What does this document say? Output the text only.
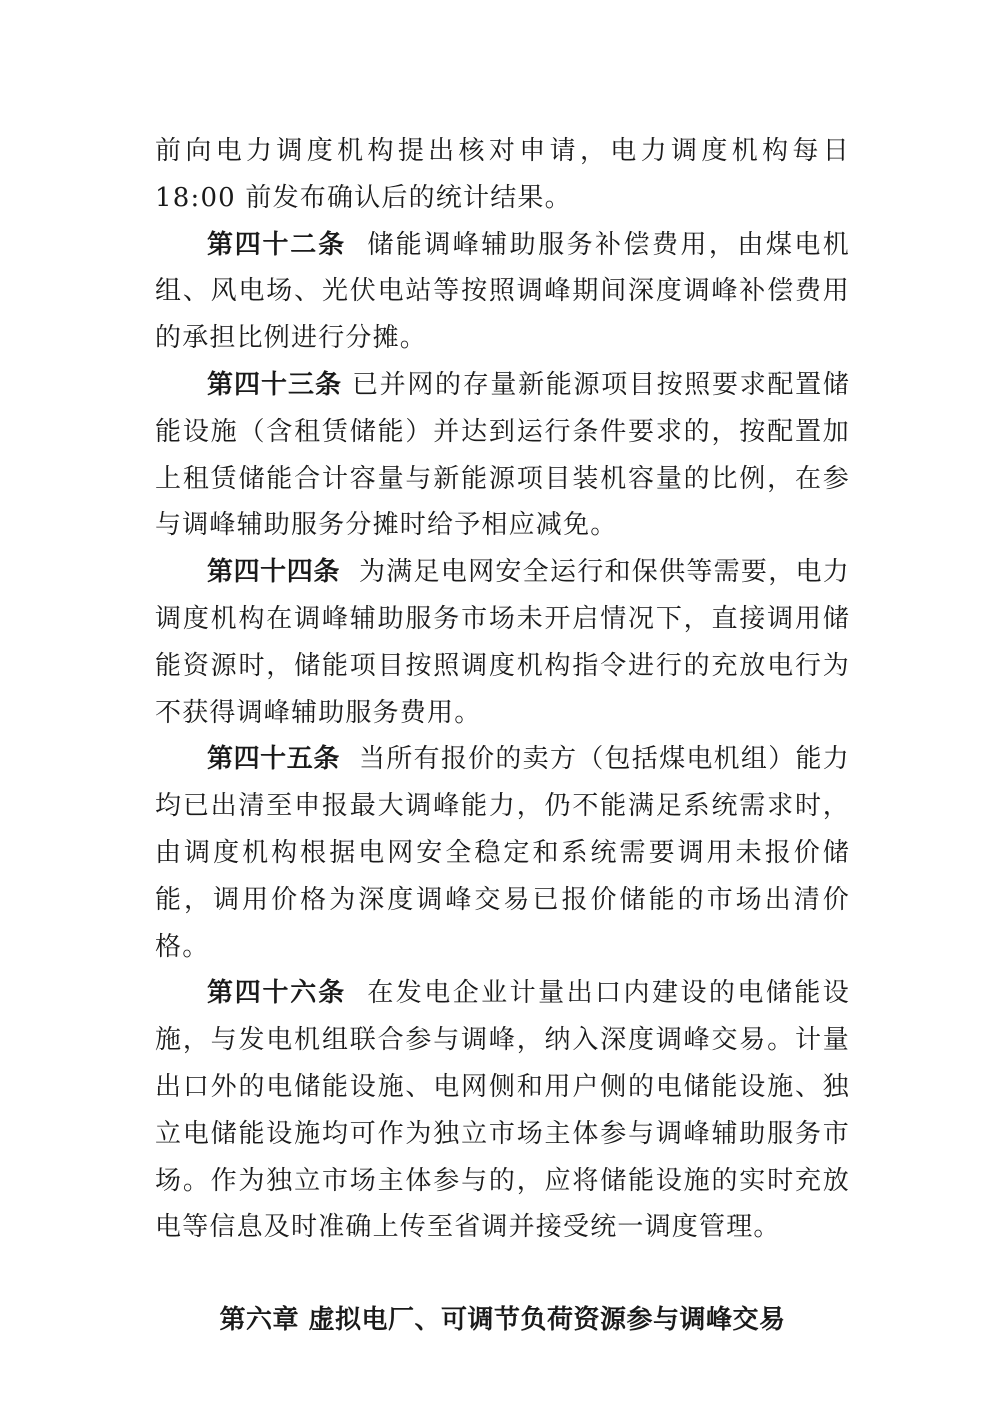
前向电力调度机构提出核对申请，电力调度机构每日 18:00 前发布确认后的统计结果。

第四十二条 储能调峰辅助服务补偿费用，由煤电机组、风电场、光伏电站等按照调峰期间深度调峰补偿费用的承担比例进行分摊。

第四十三条 已并网的存量新能源项目按照要求配置储能设施（含租赁储能）并达到运行条件要求的，按配置加上租赁储能合计容量与新能源项目装机容量的比例，在参与调峰辅助服务分摊时给予相应减免。

第四十四条 为满足电网安全运行和保供等需要，电力调度机构在调峰辅助服务市场未开启情况下，直接调用储能资源时，储能项目按照调度机构指令进行的充放电行为不获得调峰辅助服务费用。

第四十五条 当所有报价的卖方（包括煤电机组）能力均已出清至申报最大调峰能力，仍不能满足系统需求时，由调度机构根据电网安全稳定和系统需要调用未报价储能，调用价格为深度调峰交易已报价储能的市场出清价格。

第四十六条 在发电企业计量出口内建设的电储能设施，与发电机组联合参与调峰，纳入深度调峰交易。计量出口外的电储能设施、电网侧和用户侧的电储能设施、独立电储能设施均可作为独立市场主体参与调峰辅助服务市场。作为独立市场主体参与的，应将储能设施的实时充放电等信息及时准确上传至省调并接受统一调度管理。

第六章 虚拟电厂、可调节负荷资源参与调峰交易
